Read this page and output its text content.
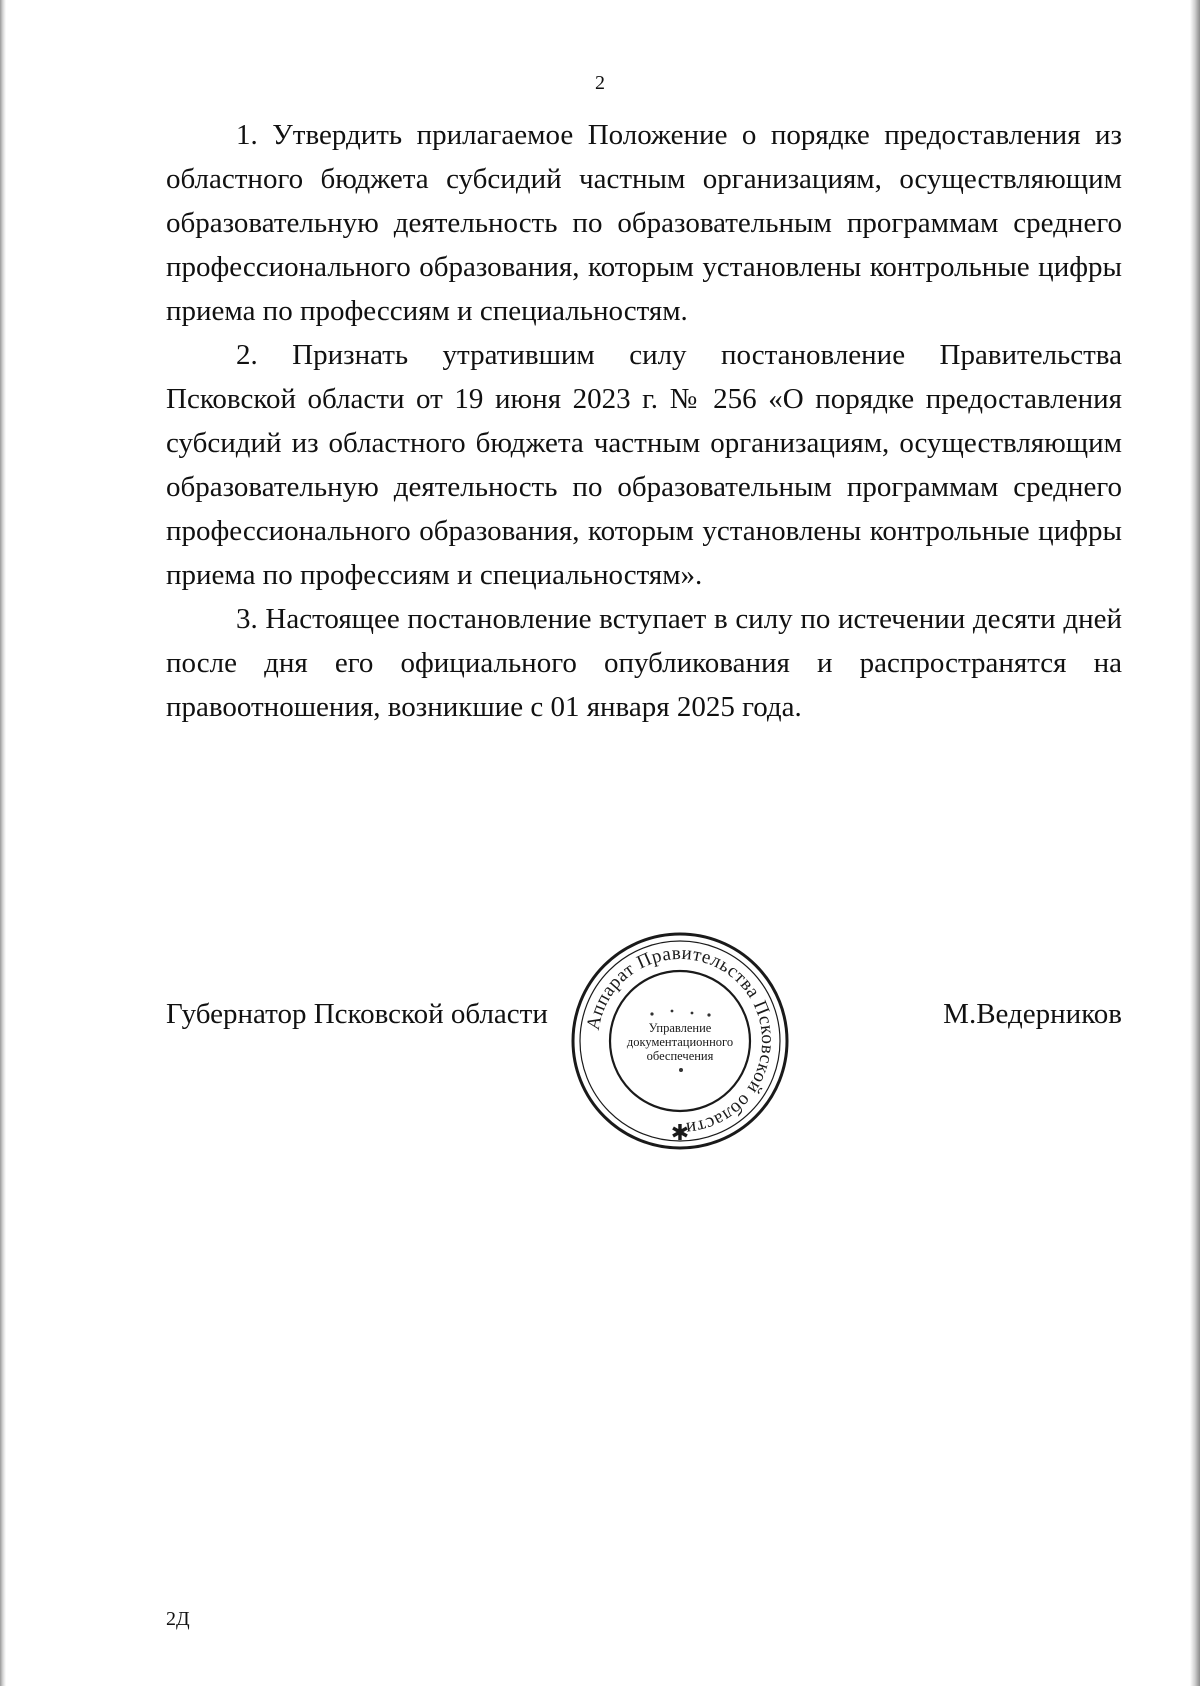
2

1. Утвердить прилагаемое Положение о порядке предоставления из областного бюджета субсидий частным организациям, осуществляющим образовательную деятельность по образовательным программам среднего профессионального образования, которым установлены контрольные цифры приема по профессиям и специальностям.

2. Признать утратившим силу постановление Правительства Псковской области от 19 июня 2023 г. № 256 «О порядке предоставления субсидий из областного бюджета частным организациям, осуществляющим образовательную деятельность по образовательным программам среднего профессионального образования, которым установлены контрольные цифры приема по профессиям и специальностям».

3. Настоящее постановление вступает в силу по истечении десяти дней после дня его официального опубликования и распространятся на правоотношения, возникшие с 01 января 2025 года.

Губернатор Псковской области	М.Ведерников
Аппарат Правительства Псковской области
✱
Управление
документационного
обеспечения
2Д
